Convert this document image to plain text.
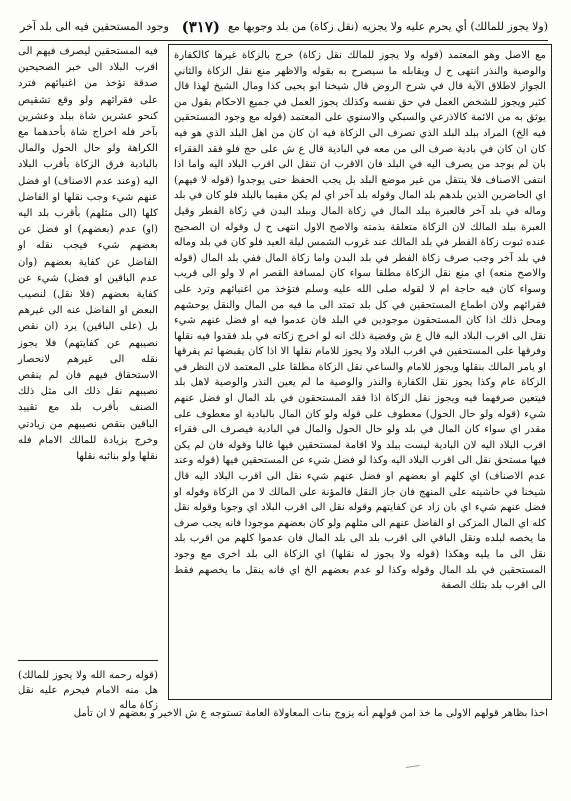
(ولا يجوز للمالك) أي يحرم عليه ولا يجزيه (نقل زكاة) من بلد وجوبها مع
(٣١٧)
وجود المستحقين فيه الى بلد آخر

مع الاصل وهو المعتمد (قوله ولا يجوز للمالك نقل زكاة) خرج بالزكاة غيرها كالكفارة والوصية والنذر انتهى ح ل ويقابله ما سيصرح به بقوله والاظهر منع نقل الزكاة والثاني الجواز لاطلاق الآية قال في شرح الروض قال شيخنا ابو يحيى كذا ومال الشيخ لهذا قال كثير ويجوز للشخص العمل في حق نفسه وكذلك يجوز العمل في جميع الاحكام بقول من يوثق به من الائمة كالاذرعي والسبكي والاسنوي على المعتمد (قوله مع وجود المستحقين فيه الخ) المراد ببلد البلد الذي تصرف الى الزكاة فيه ان كان من اهل البلد الذي هو فيه كان ان كان في بادية صرف الى من معه في البادية قال ع ش على حج فلو فقد الفقراء بان لم يوجد من يصرف اليه في البلد فان الاقرب ان تنقل الى اقرب البلاد اليه واما اذا انتفى الاصناف فلا ينتقل من غير موضع البلد بل يجب الحفظ حتى يوجدوا (قوله لا فيهم) اي الحاضرين الذين بلدهم بلد المال وقوله بلد آخر اي لم يكن مقيما بالبلد فلو كان في بلد وماله في بلد آخر فالعبرة ببلد المال في زكاة المال وببلد البدن في زكاة الفطر وقيل العبرة ببلد المالك لان الزكاة متعلقة بذمته والاصح الاول انتهى ح ل وقوله ان الصحيح عنده ثبوت زكاة الفطر في بلد المالك عند غروب الشمس ليلة العيد فلو كان في بلد وماله في بلد آخر وجب صرف زكاة الفطر في بلد البدن واما زكاة المال ففي بلد المال (قوله والاصح منعه) اي منع نقل الزكاة مطلقا سواء كان لمسافة القصر ام لا ولو الى قريب وسواء كان فيه حاجة ام لا لقوله صلى الله عليه وسلم فتؤخذ من اغنيائهم وترد على فقرائهم ولان اطماع المستحقين في كل بلد تمتد الى ما فيه من المال والنقل يوحشهم ومحل ذلك اذا كان المستحقون موجودين في البلد فان عدموا فيه او فضل عنهم شيء نقل الى اقرب البلاد اليه قال ع ش وقضية ذلك انه لو اخرج زكاته في بلد فقدوا فيه نقلها وفرقها على المستحقين في اقرب البلاد ولا يجوز للامام نقلها الا اذا كان يقبضها ثم يفرقها او يامر المالك بنقلها ويجوز للامام والساعي نقل الزكاة مطلقا على المعتمد لان النظر في الزكاة عام وكذا يجوز نقل الكفارة والنذر والوصية ما لم يعين النذر والوصية لاهل بلد فيتعين صرفهما فيه ويجوز نقل الزكاة اذا فقد المستحقون في بلد المال او فضل عنهم شيء (قوله ولو حال الحول) معطوف على قوله ولو كان المال بالبادية او معطوف على مقدر اي سواء كان المال في بلد ولو حال الحول والمال في البادية فيصرف الى فقراء اقرب البلاد اليه لان البادية ليست ببلد ولا اقامة لمستحقين فيها غالبا وقوله فان لم يكن فيها مستحق نقل الى اقرب البلاد اليه وكذا لو فضل شيء عن المستحقين فيها (قوله وعند عدم الاصناف) اي كلهم او بعضهم او فضل عنهم شيء نقل الى اقرب البلاد اليه قال شيخنا في حاشيته على المنهج فان جاز النقل فالمؤنة على المالك لا من الزكاة وقوله او فضل عنهم شيء اي بان زاد عن كفايتهم وقوله نقل الى اقرب البلاد اي وجوبا وقوله نقل كله اي المال المزكى او الفاضل عنهم الى مثلهم ولو كان بعضهم موجودا فانه يجب صرف ما يخصه لبلده ونقل الباقي الى اقرب بلد الى بلد المال فان عدموا كلهم من اقرب بلد نقل الى ما يليه وهكذا (قوله ولا يجوز له نقلها) اي الزكاة الى بلد اخرى مع وجود المستحقين في بلد المال وقوله وكذا لو عدم بعضهم الخ اي فانه ينقل ما يخصهم فقط الى اقرب بلد بتلك الصفة

اخذا بظاهر قولهم الاولى ما خذ امن قولهم أنه يزوج بنات المعاولاة العامة تستوجه ع ش الاخير و بعضهم لا ان تأمل
فيه المستحقين ليصرف فيهم الى اقرب البلاد الى خبر الصحيحين صدقة تؤخذ من اغنيائهم فترد على فقرائهم ولو وقع تشقيص كنحو عشرين شاة ببلد وعشرين بآخر فله اخراج شاة بأحدهما مع الكراهة ولو حال الحول والمال بالبادية فرق الزكاة بأقرب البلاد اليه (وعند عدم الاصناف) او فضل عنهم شيء وجب نقلها او الفاضل كلها (الى مثلهم) بأقرب بلد اليه (او) عدم (بعضهم) او فضل عن بعضهم شيء فيجب نقله او الفاضل عن كفاية بعضهم (وان عدم الباقين او فضل) شيء عن كفاية بعضهم (فلا نقل) لنصيب البعض او الفاضل عنه الى غيرهم بل (على الباقين) يرد (ان نقص نصيبهم عن كفايتهم) فلا يجوز نقله الى غيرهم لانحصار الاستحقاق فيهم فان لم ينقص نصيبهم نقل ذلك الى مثل ذلك الصنف بأقرب بلد مع تقييد الباقين بنقص نصيبهم من زيادتي وخرج بزيادة للمالك الامام فله نقلها ولو بنائبه نقلها
(قوله رحمه الله ولا يجوز للمالك) هل منه الامام فيحرم عليه نقل زكاة ماله
